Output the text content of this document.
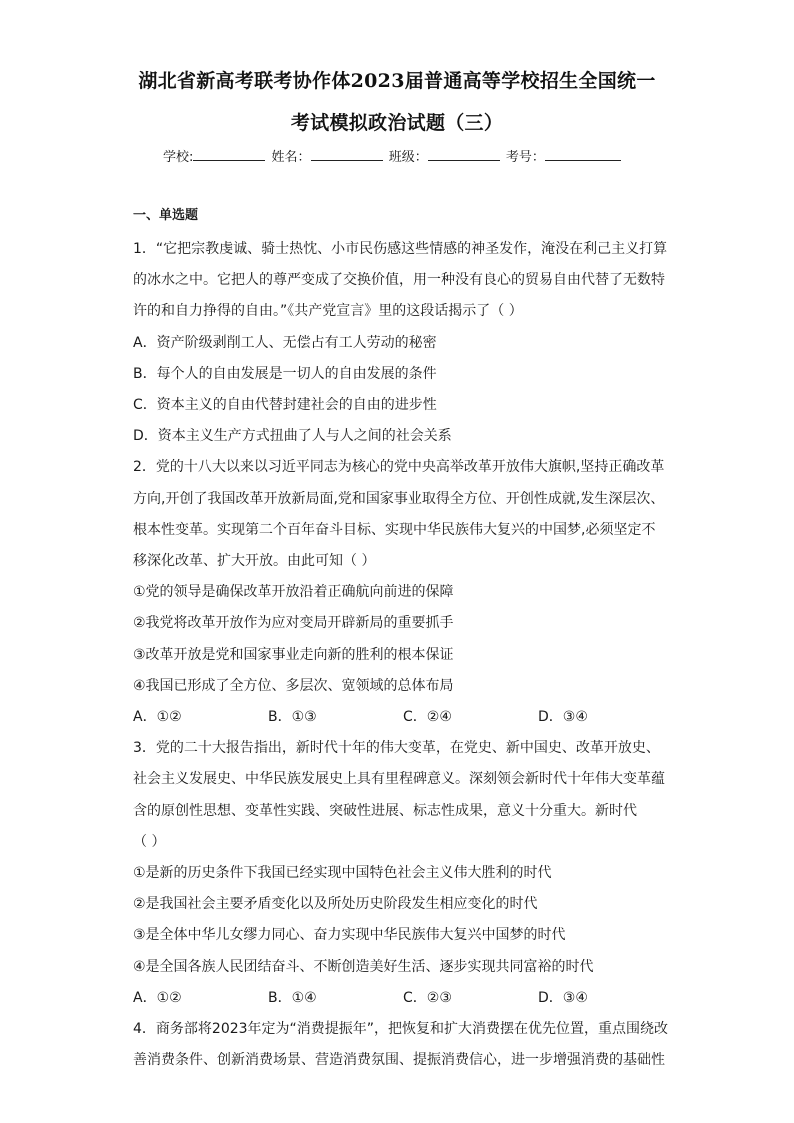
湖北省新高考联考协作体2023届普通高等学校招生全国统一
考试模拟政治试题（三）
学校:	姓名：	班级：	考号：
一、单选题

1．“它把宗教虔诚、骑士热忱、小市民伤感这些情感的神圣发作，淹没在利己主义打算

的冰水之中。它把人的尊严变成了交换价值，用一种没有良心的贸易自由代替了无数特

许的和自力挣得的自由。”《共产党宣言》里的这段话揭示了（ ）

A．资产阶级剥削工人、无偿占有工人劳动的秘密

B．每个人的自由发展是一切人的自由发展的条件

C．资本主义的自由代替封建社会的自由的进步性

D．资本主义生产方式扭曲了人与人之间的社会关系

2．党的十八大以来以习近平同志为核心的党中央高举改革开放伟大旗帜,坚持正确改革

方向,开创了我国改革开放新局面,党和国家事业取得全方位、开创性成就,发生深层次、

根本性变革。实现第二个百年奋斗目标、实现中华民族伟大复兴的中国梦,必须坚定不

移深化改革、扩大开放。由此可知（ ）

①党的领导是确保改革开放沿着正确航向前进的保障

②我党将改革开放作为应对变局开辟新局的重要抓手

③改革开放是党和国家事业走向新的胜利的根本保证

④我国已形成了全方位、多层次、宽领域的总体布局

A．①②	B．①③	C．②④	D．③④

3．党的二十大报告指出，新时代十年的伟大变革，在党史、新中国史、改革开放史、

社会主义发展史、中华民族发展史上具有里程碑意义。深刻领会新时代十年伟大变革蕴

含的原创性思想、变革性实践、突破性进展、标志性成果，意义十分重大。新时代

（ ）

①是新的历史条件下我国已经实现中国特色社会主义伟大胜利的时代

②是我国社会主要矛盾变化以及所处历史阶段发生相应变化的时代

③是全体中华儿女缪力同心、奋力实现中华民族伟大复兴中国梦的时代

④是全国各族人民团结奋斗、不断创造美好生活、逐步实现共同富裕的时代

A．①②	B．①④	C．②③	D．③④

4．商务部将2023年定为“消费提振年”，把恢复和扩大消费摆在优先位置，重点围绕改

善消费条件、创新消费场景、营造消费氛围、提振消费信心，进一步增强消费的基础性
